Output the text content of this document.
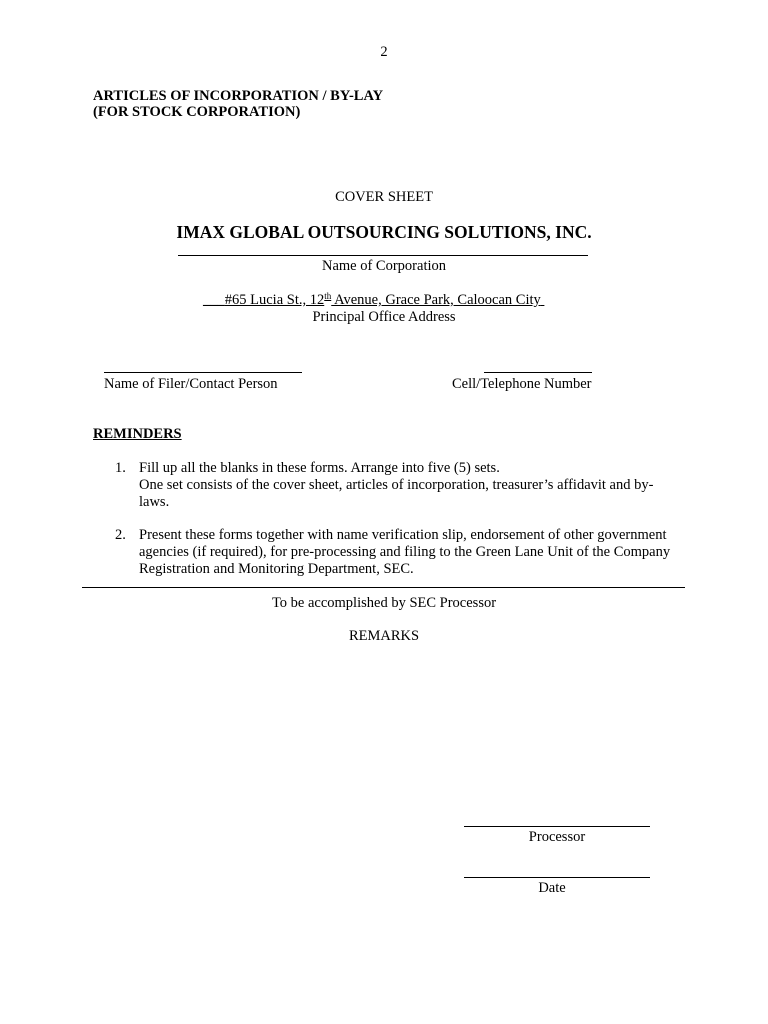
2
ARTICLES OF INCORPORATION / BY-LAY
(FOR STOCK CORPORATION)
COVER SHEET
IMAX GLOBAL OUTSOURCING SOLUTIONS, INC.
Name of Corporation
___#65 Lucia St., 12th Avenue, Grace Park, Caloocan City
Principal Office Address
Name of Filer/Contact Person	Cell/Telephone Number
REMINDERS
1. Fill up all the blanks in these forms. Arrange into five (5) sets.
One set consists of the cover sheet, articles of incorporation, treasurer’s affidavit and by-laws.
2. Present these forms together with name verification slip, endorsement of other government agencies (if required), for pre-processing and filing to the Green Lane Unit of the Company Registration and Monitoring Department, SEC.
To be accomplished by SEC Processor
REMARKS
Processor
Date
